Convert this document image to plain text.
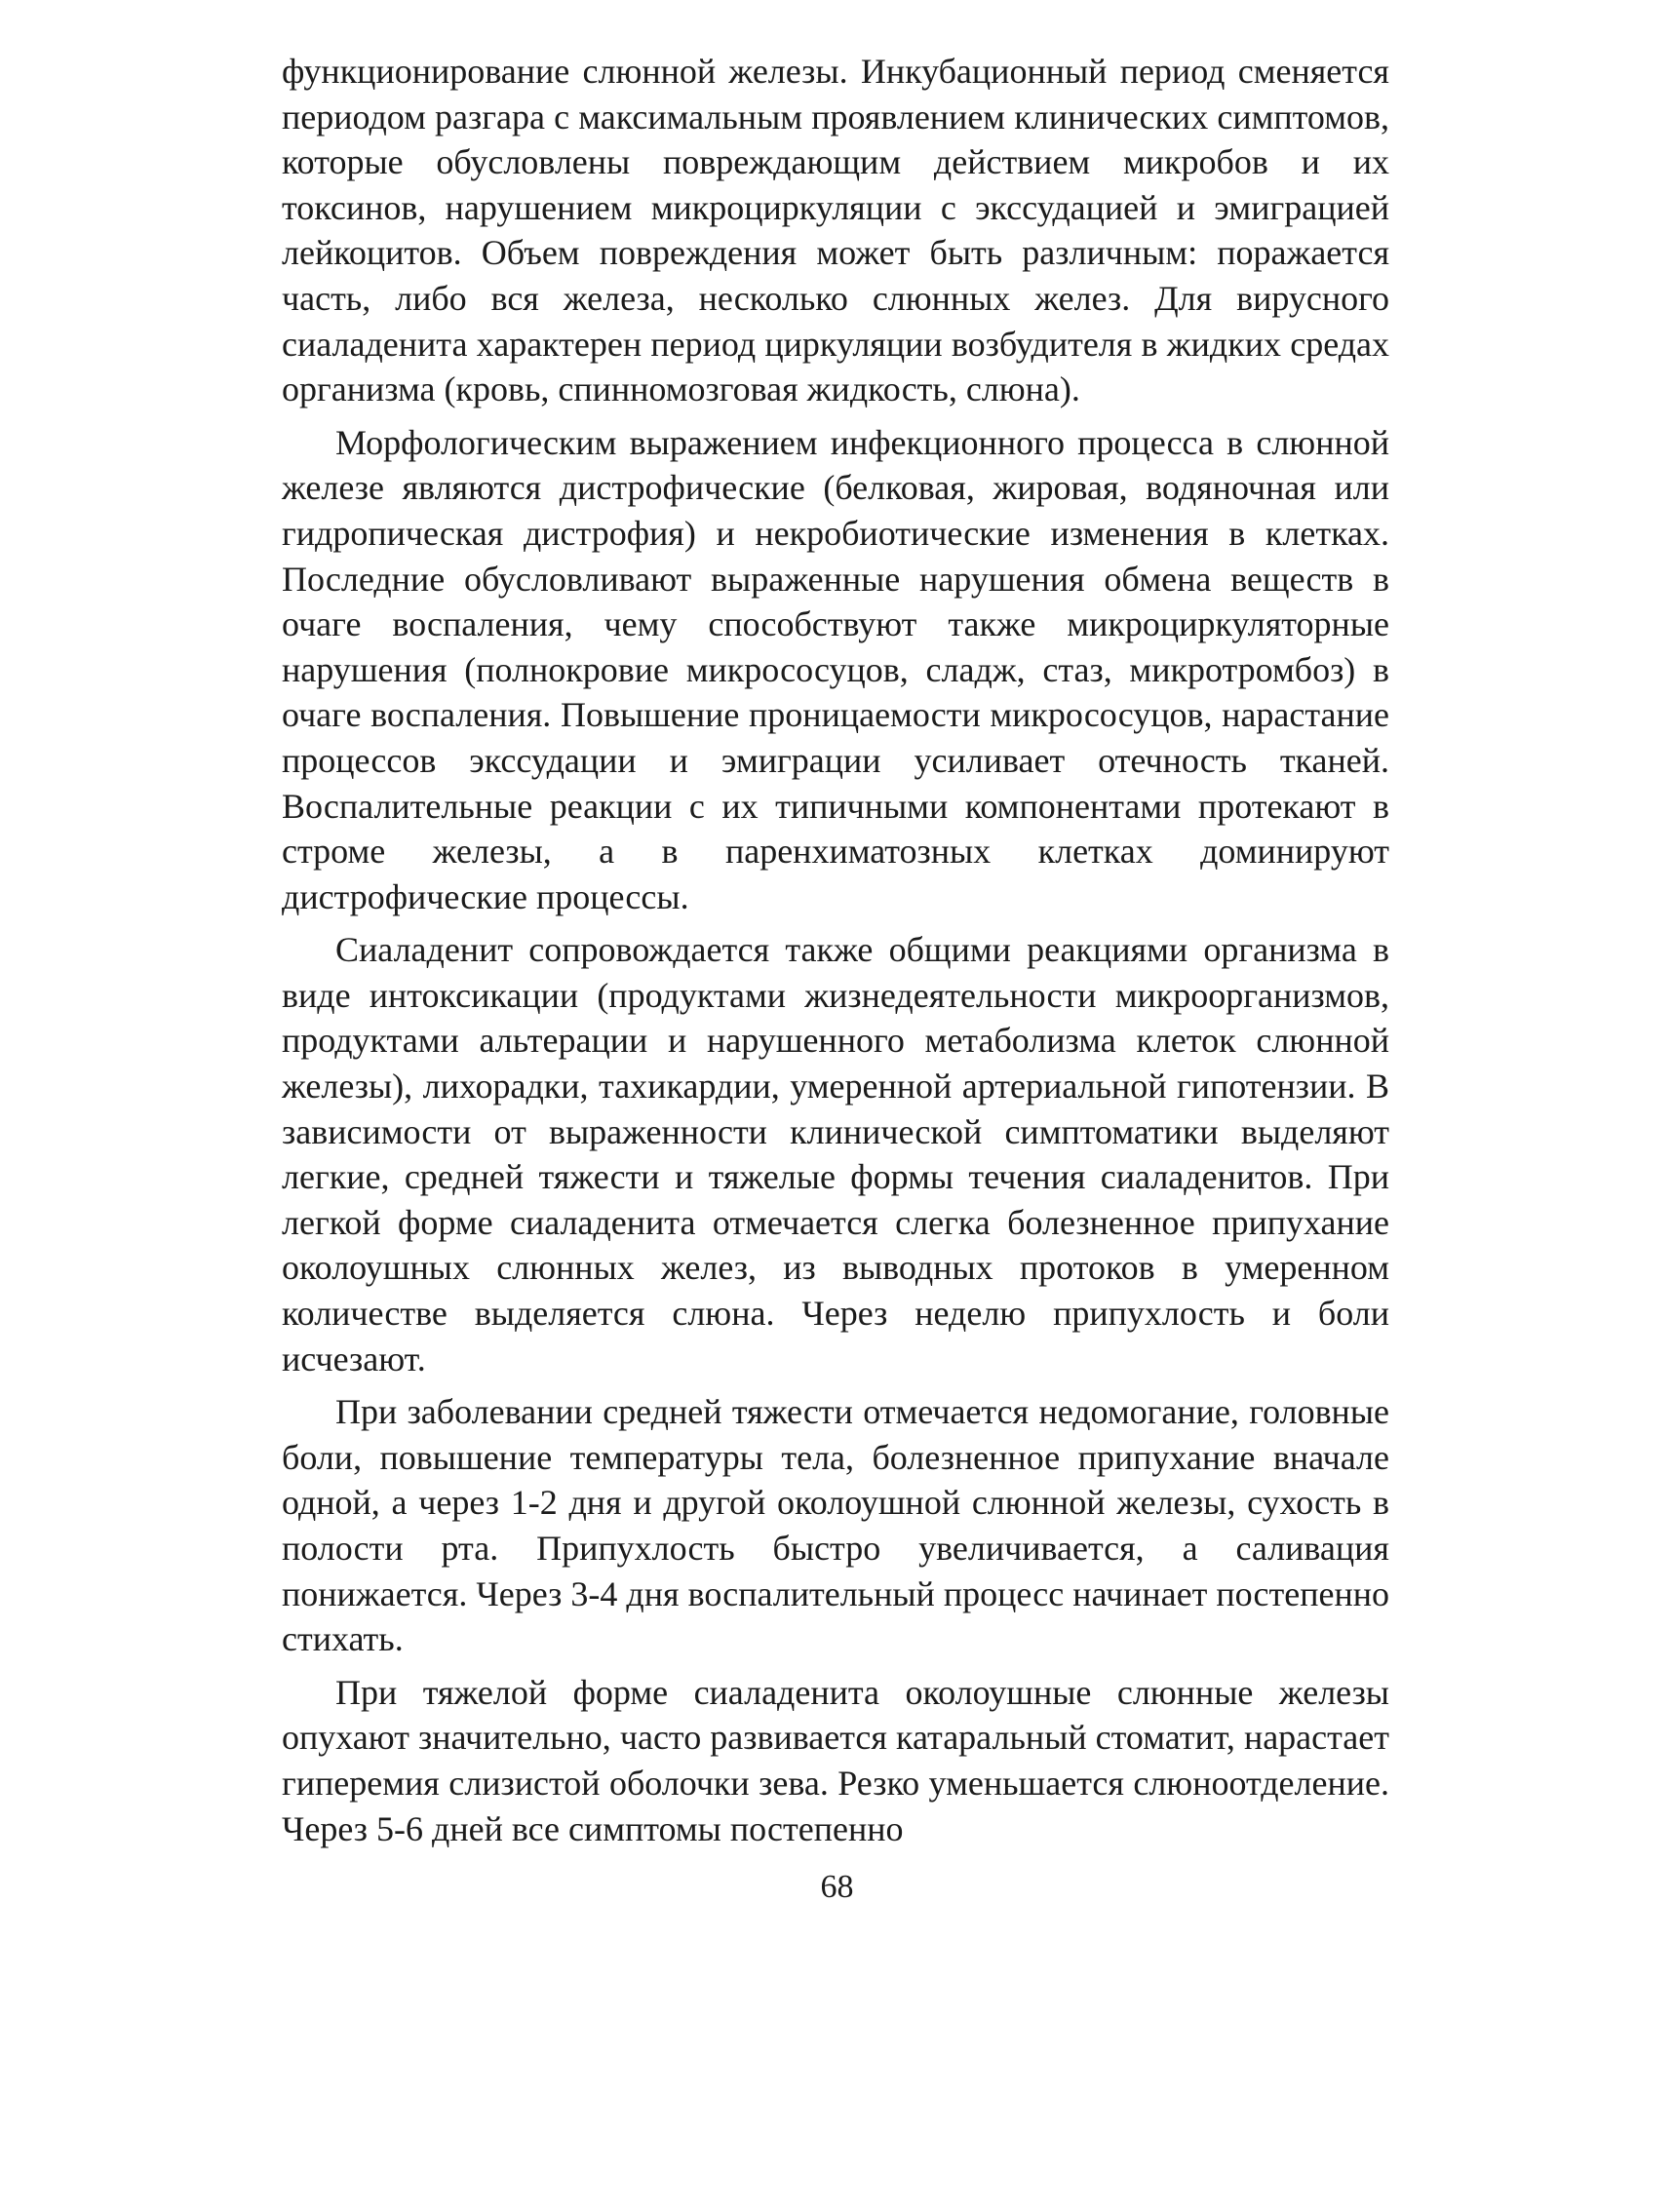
функционирование слюнной железы. Инкубационный период сменяется периодом разгара с максимальным проявлением клинических симптомов, которые обусловлены повреждающим действием микробов и их токсинов, нарушением микроциркуляции с экссудацией и эмиграцией лейкоцитов. Объем повреждения может быть различным: поражается часть, либо вся железа, несколько слюнных желез. Для вирусного сиаладенита характерен период циркуляции возбудителя в жидких средах организма (кровь, спинномозговая жидкость, слюна).

Морфологическим выражением инфекционного процесса в слюнной железе являются дистрофические (белковая, жировая, водяночная или гидропическая дистрофия) и некробиотические изменения в клетках. Последние обусловливают выраженные нарушения обмена веществ в очаге воспаления, чему способствуют также микроциркуляторные нарушения (полнокровие микрососуцов, сладж, стаз, микротромбоз) в очаге воспаления. Повышение проницаемости микрососуцов, нарастание процессов экссудации и эмиграции усиливает отечность тканей. Воспалительные реакции с их типичными компонентами протекают в строме железы, а в паренхиматозных клетках доминируют дистрофические процессы.

Сиаладенит сопровождается также общими реакциями организма в виде интоксикации (продуктами жизнедеятельности микроорганизмов, продуктами альтерации и нарушенного метаболизма клеток слюнной железы), лихорадки, тахикардии, умеренной артериальной гипотензии. В зависимости от выраженности клинической симптоматики выделяют легкие, средней тяжести и тяжелые формы течения сиаладенитов. При легкой форме сиаладенита отмечается слегка болезненное припухание околоушных слюнных желез, из выводных протоков в умеренном количестве выделяется слюна. Через неделю припухлость и боли исчезают.

При заболевании средней тяжести отмечается недомогание, головные боли, повышение температуры тела, болезненное припухание вначале одной, а через 1-2 дня и другой околоушной слюнной железы, сухость в полости рта. Припухлость быстро увеличивается, а саливация понижается. Через 3-4 дня воспалительный процесс начинает постепенно стихать.

При тяжелой форме сиаладенита околоушные слюнные железы опухают значительно, часто развивается катаральный стоматит, нарастает гиперемия слизистой оболочки зева. Резко уменьшается слюноотделение. Через 5-6 дней все симптомы постепенно

68
